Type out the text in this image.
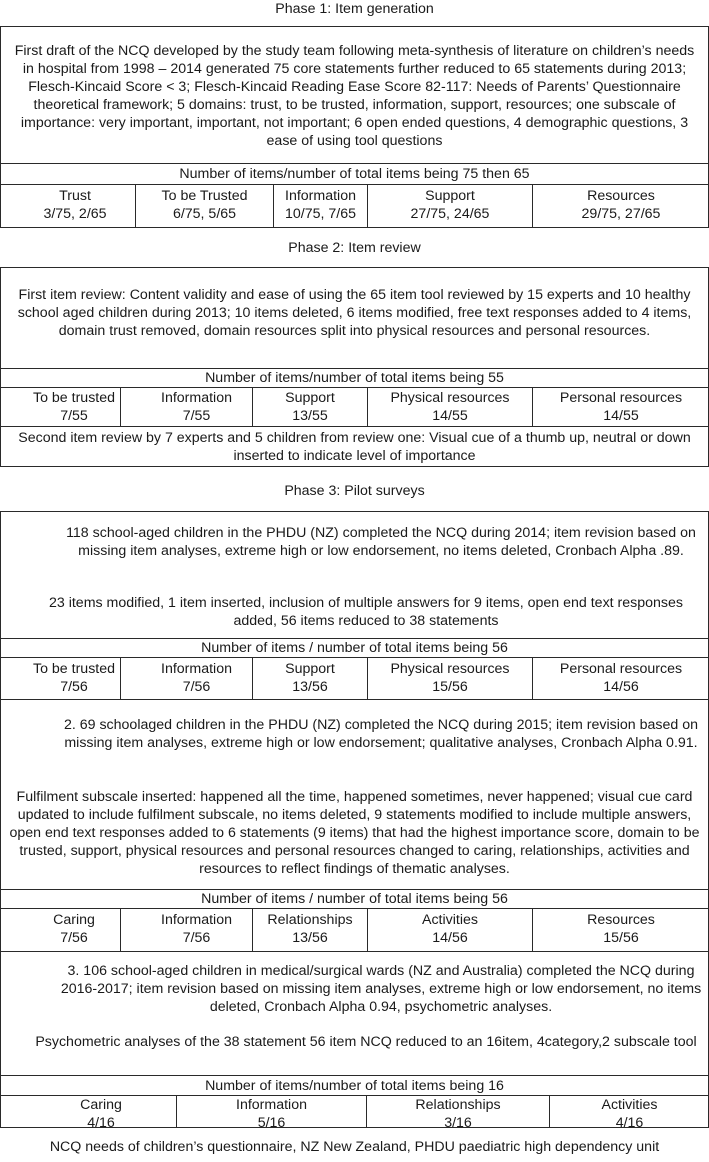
Phase 1: Item generation
First draft of the NCQ developed by the study team following meta-synthesis of literature on children’s needs in hospital from 1998 – 2014 generated 75 core statements further reduced to 65 statements during 2013; Flesch-Kincaid Score < 3; Flesch-Kincaid Reading Ease Score 82-117: Needs of Parents’ Questionnaire theoretical framework; 5 domains: trust, to be trusted, information, support, resources; one subscale of importance: very important, important, not important; 6 open ended questions, 4 demographic questions, 3 ease of using tool questions
Number of items/number of total items being 75 then 65
Trust
3/75, 2/65
To be Trusted
6/75, 5/65
Information
10/75, 7/65
Support
27/75, 24/65
Resources
29/75, 27/65
Phase 2: Item review
First item review: Content validity and ease of using the 65 item tool reviewed by 15 experts and 10 healthy school aged children during 2013; 10 items deleted, 6 items modified, free text responses added to 4 items, domain trust removed, domain resources split into physical resources and personal resources.
Number of items/number of total items being 55
To be trusted
7/55
Information
7/55
Support
13/55
Physical resources
14/55
Personal resources
14/55
Second item review by 7 experts and 5 children from review one: Visual cue of a thumb up, neutral or down inserted to indicate level of importance
Phase 3: Pilot surveys
118 school-aged children in the PHDU (NZ) completed the NCQ during 2014; item revision based on missing item analyses, extreme high or low endorsement, no items deleted, Cronbach Alpha .89.
23 items modified, 1 item inserted, inclusion of multiple answers for 9 items, open end text responses added, 56 items reduced to 38 statements
Number of items / number of total items being 56
To be trusted
7/56
Information
7/56
Support
13/56
Physical resources
15/56
Personal resources
14/56
2. 69 schoolaged children in the PHDU (NZ) completed the NCQ during 2015; item revision based on missing item analyses, extreme high or low endorsement; qualitative analyses, Cronbach Alpha 0.91.
Fulfilment subscale inserted: happened all the time, happened sometimes, never happened; visual cue card updated to include fulfilment subscale, no items deleted, 9 statements modified to include multiple answers, open end text responses added to 6 statements (9 items) that had the highest importance score, domain to be trusted, support, physical resources and personal resources changed to caring, relationships, activities and resources to reflect findings of thematic analyses.
Number of items / number of total items being 56
Caring
7/56
Information
7/56
Relationships
13/56
Activities
14/56
Resources
15/56
3. 106 school-aged children in medical/surgical wards (NZ and Australia) completed the NCQ during 2016-2017; item revision based on missing item analyses, extreme high or low endorsement, no items deleted, Cronbach Alpha 0.94, psychometric analyses.
Psychometric analyses of the 38 statement 56 item NCQ reduced to an 16item, 4category,2 subscale tool
Number of items/number of total items being 16
Caring
4/16
Information
5/16
Relationships
3/16
Activities
4/16
NCQ needs of children’s questionnaire, NZ New Zealand, PHDU paediatric high dependency unit
